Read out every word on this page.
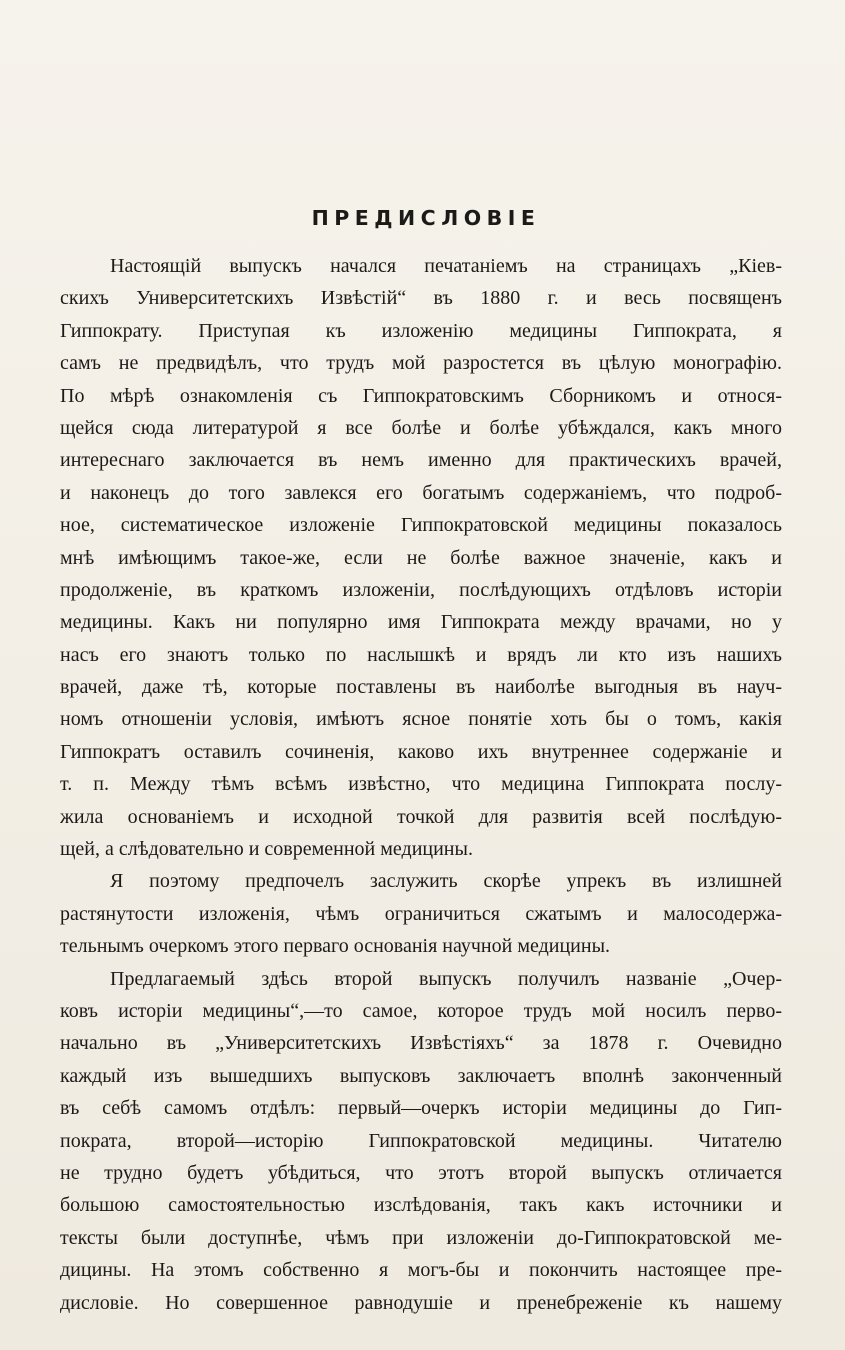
ПРЕДИСЛОВІЕ
Настоящій выпускъ начался печатаніемъ на страницахъ „Кіев-
скихъ Университетскихъ Извѣстій“ въ 1880 г. и весь посвященъ
Гиппократу. Приступая къ изложенію медицины Гиппократа, я
самъ не предвидѣлъ, что трудъ мой разростется въ цѣлую монографію.
По мѣрѣ ознакомленія съ Гиппократовскимъ Сборникомъ и относя-
щейся сюда литературой я все болѣе и болѣе убѣждался, какъ много
интереснаго заключается въ немъ именно для практическихъ врачей,
и наконецъ до того завлекся его богатымъ содержаніемъ, что подроб-
ное, систематическое изложеніе Гиппократовской медицины показалось
мнѣ имѣющимъ такое-же, если не болѣе важное значеніе, какъ и
продолженіе, въ краткомъ изложеніи, послѣдующихъ отдѣловъ исторіи
медицины. Какъ ни популярно имя Гиппократа между врачами, но у
насъ его знаютъ только по наслышкѣ и врядъ ли кто изъ нашихъ
врачей, даже тѣ, которые поставлены въ наиболѣе выгодныя въ науч-
номъ отношеніи условія, имѣютъ ясное понятіе хоть бы о томъ, какія
Гиппократъ оставилъ сочиненія, каково ихъ внутреннее содержаніе и
т. п. Между тѣмъ всѣмъ извѣстно, что медицина Гиппократа послу-
жила основаніемъ и исходной точкой для развитія всей послѣдую-
щей, а слѣдовательно и современной медицины.
Я поэтому предпочелъ заслужить скорѣе упрекъ въ излишней
растянутости изложенія, чѣмъ ограничиться сжатымъ и малосодержа-
тельнымъ очеркомъ этого перваго основанія научной медицины.
Предлагаемый здѣсь второй выпускъ получилъ названіе „Очер-
ковъ исторіи медицины“,—то самое, которое трудъ мой носилъ перво-
начально въ „Университетскихъ Извѣстіяхъ“ за 1878 г. Очевидно
каждый изъ вышедшихъ выпусковъ заключаетъ вполнѣ законченный
въ себѣ самомъ отдѣлъ: первый—очеркъ исторіи медицины до Гип-
пократа, второй—исторію Гиппократовской медицины. Читателю
не трудно будетъ убѣдиться, что этотъ второй выпускъ отличается
большою самостоятельностью изслѣдованія, такъ какъ источники и
тексты были доступнѣе, чѣмъ при изложеніи до-Гиппократовской ме-
дицины. На этомъ собственно я могъ-бы и покончить настоящее пре-
дисловіе. Но совершенное равнодушіе и пренебреженіе къ нашему
